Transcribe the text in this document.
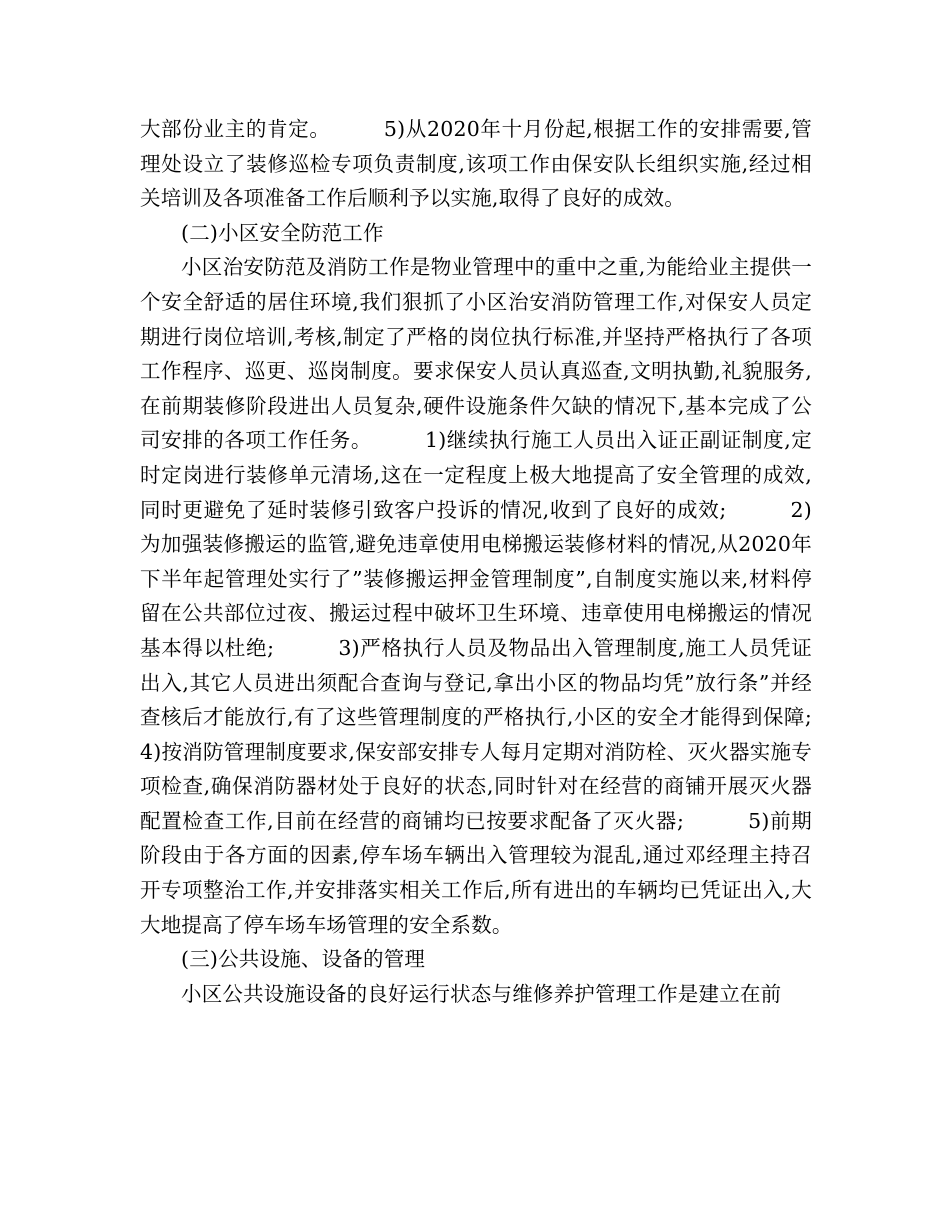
大部份业主的肯定。　　　5)从2020年十月份起,根据工作的安排需要,管理处设立了装修巡检专项负责制度,该项工作由保安队长组织实施,经过相关培训及各项准备工作后顺利予以实施,取得了良好的成效。

(二)小区安全防范工作

小区治安防范及消防工作是物业管理中的重中之重,为能给业主提供一个安全舒适的居住环境,我们狠抓了小区治安消防管理工作,对保安人员定期进行岗位培训,考核,制定了严格的岗位执行标准,并坚持严格执行了各项工作程序、巡更、巡岗制度。要求保安人员认真巡查,文明执勤,礼貌服务,在前期装修阶段进出人员复杂,硬件设施条件欠缺的情况下,基本完成了公司安排的各项工作任务。　　　1)继续执行施工人员出入证正副证制度,定时定岗进行装修单元清场,这在一定程度上极大地提高了安全管理的成效,同时更避免了延时装修引致客户投诉的情况,收到了良好的成效;　　　2)为加强装修搬运的监管,避免违章使用电梯搬运装修材料的情况,从2020年下半年起管理处实行了”装修搬运押金管理制度”,自制度实施以来,材料停留在公共部位过夜、搬运过程中破坏卫生环境、违章使用电梯搬运的情况基本得以杜绝;　　　3)严格执行人员及物品出入管理制度,施工人员凭证出入,其它人员进出须配合查询与登记,拿出小区的物品均凭”放行条”并经查核后才能放行,有了这些管理制度的严格执行,小区的安全才能得到保障;　　　4)按消防管理制度要求,保安部安排专人每月定期对消防栓、灭火器实施专项检查,确保消防器材处于良好的状态,同时针对在经营的商铺开展灭火器配置检查工作,目前在经营的商铺均已按要求配备了灭火器;　　　5)前期阶段由于各方面的因素,停车场车辆出入管理较为混乱,通过邓经理主持召开专项整治工作,并安排落实相关工作后,所有进出的车辆均已凭证出入,大大地提高了停车场车场管理的安全系数。

(三)公共设施、设备的管理

小区公共设施设备的良好运行状态与维修养护管理工作是建立在前
